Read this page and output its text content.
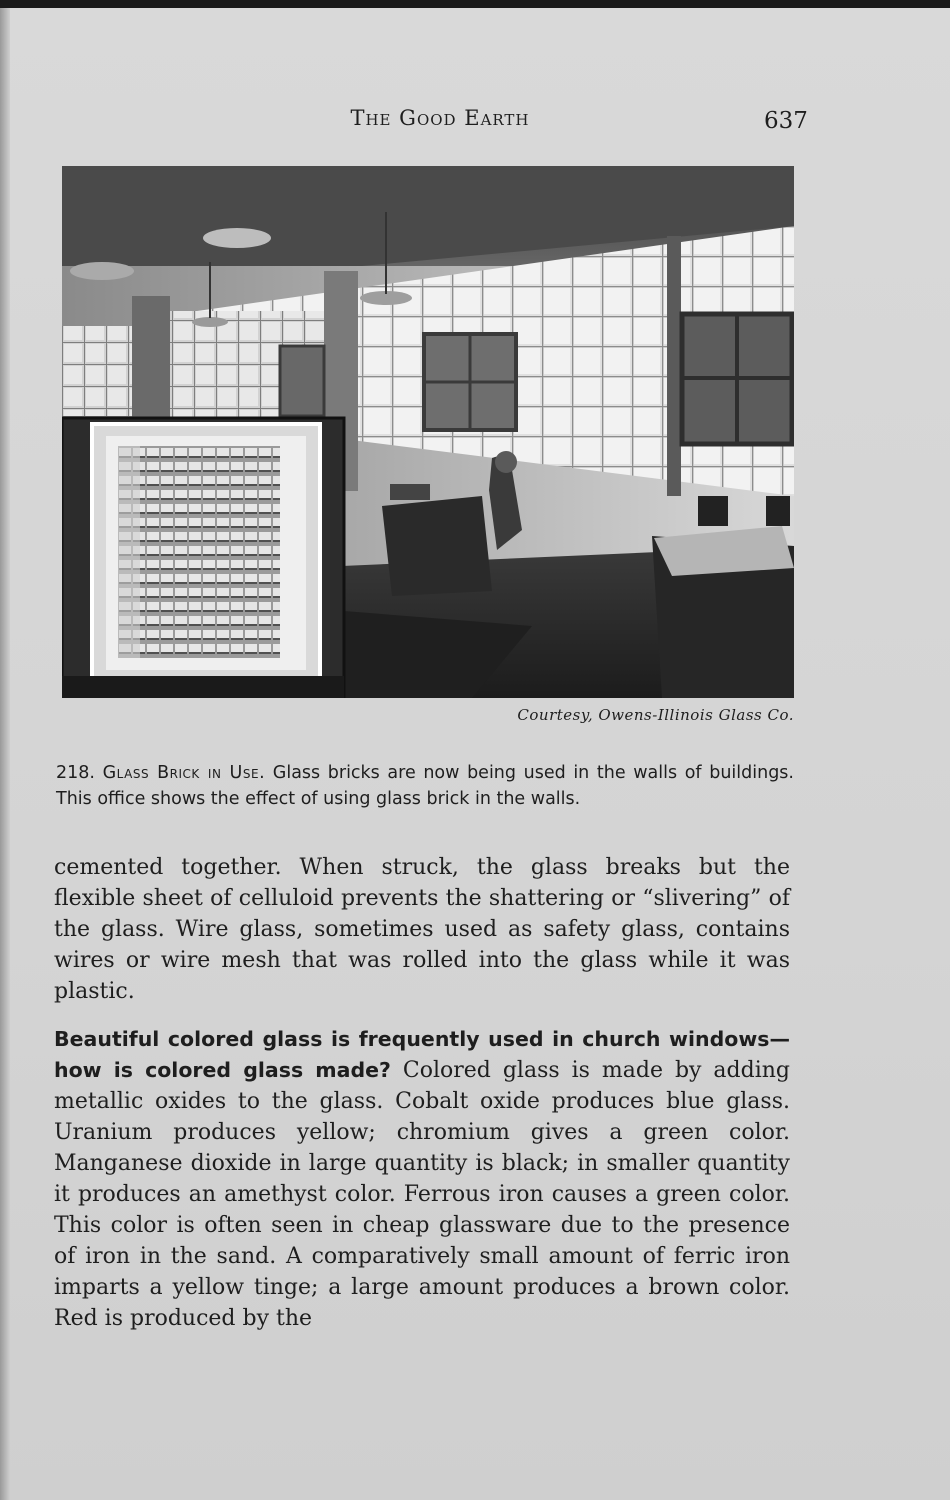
The Good Earth	637
Courtesy, Owens-Illinois Glass Co.
218. Glass Brick in Use. Glass bricks are now being used in the walls of buildings. This office shows the effect of using glass brick in the walls.

cemented together. When struck, the glass breaks but the flexible sheet of celluloid prevents the shattering or “slivering” of the glass. Wire glass, sometimes used as safety glass, contains wires or wire mesh that was rolled into the glass while it was plastic.

Beautiful colored glass is frequently used in church windows—how is colored glass made? Colored glass is made by adding metallic oxides to the glass. Cobalt oxide produces blue glass. Uranium produces yellow; chromium gives a green color. Manganese dioxide in large quantity is black; in smaller quantity it produces an amethyst color. Ferrous iron causes a green color. This color is often seen in cheap glassware due to the presence of iron in the sand. A comparatively small amount of ferric iron imparts a yellow tinge; a large amount produces a brown color. Red is produced by the
